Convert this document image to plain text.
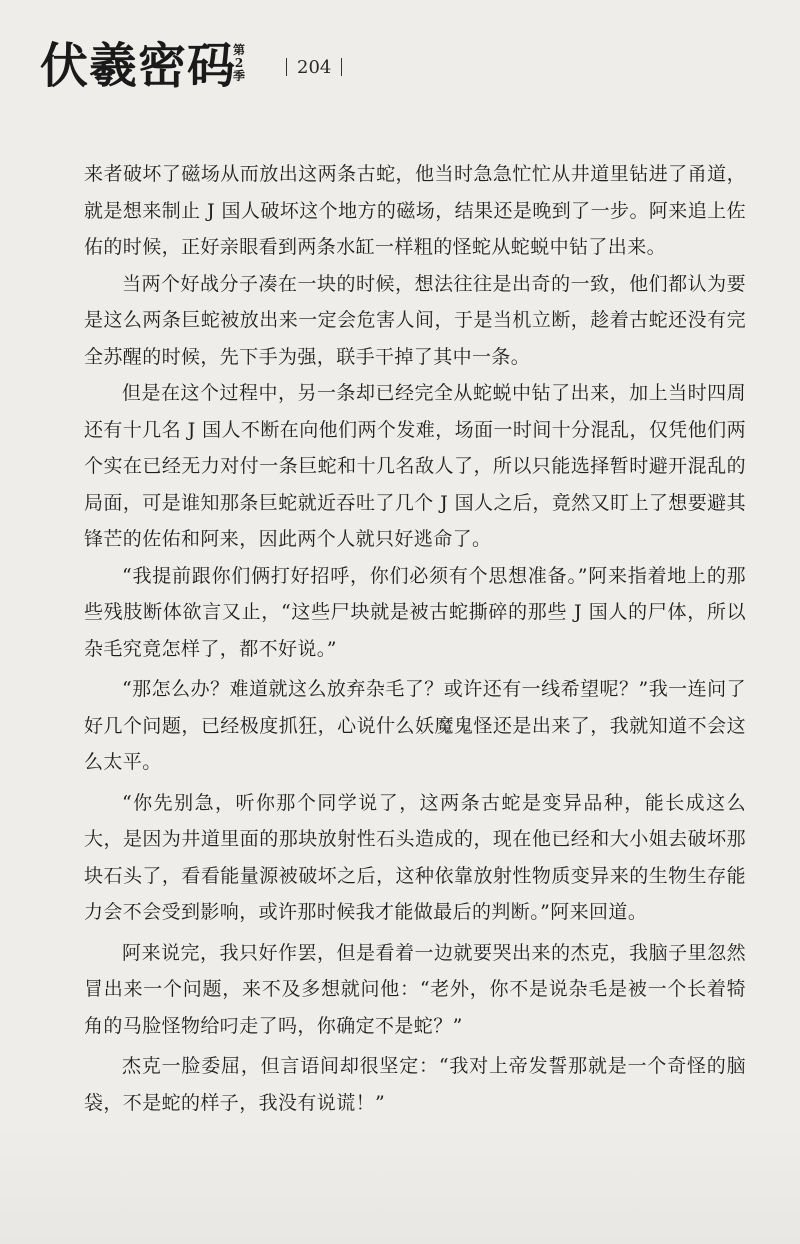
伏羲密码
第2季	204

来者破坏了磁场从而放出这两条古蛇，他当时急急忙忙从井道里钻进了甬道，就是想来制止 J 国人破坏这个地方的磁场，结果还是晚到了一步。阿来追上佐佑的时候，正好亲眼看到两条水缸一样粗的怪蛇从蛇蜕中钻了出来。

当两个好战分子凑在一块的时候，想法往往是出奇的一致，他们都认为要是这么两条巨蛇被放出来一定会危害人间，于是当机立断，趁着古蛇还没有完全苏醒的时候，先下手为强，联手干掉了其中一条。

但是在这个过程中，另一条却已经完全从蛇蜕中钻了出来，加上当时四周还有十几名 J 国人不断在向他们两个发难，场面一时间十分混乱，仅凭他们两个实在已经无力对付一条巨蛇和十几名敌人了，所以只能选择暂时避开混乱的局面，可是谁知那条巨蛇就近吞吐了几个 J 国人之后，竟然又盯上了想要避其锋芒的佐佑和阿来，因此两个人就只好逃命了。

“我提前跟你们俩打好招呼，你们必须有个思想准备。”阿来指着地上的那些残肢断体欲言又止，“这些尸块就是被古蛇撕碎的那些 J 国人的尸体，所以杂毛究竟怎样了，都不好说。”

“那怎么办？难道就这么放弃杂毛了？或许还有一线希望呢？”我一连问了好几个问题，已经极度抓狂，心说什么妖魔鬼怪还是出来了，我就知道不会这么太平。

“你先别急，听你那个同学说了，这两条古蛇是变异品种，能长成这么大，是因为井道里面的那块放射性石头造成的，现在他已经和大小姐去破坏那块石头了，看看能量源被破坏之后，这种依靠放射性物质变异来的生物生存能力会不会受到影响，或许那时候我才能做最后的判断。”阿来回道。

阿来说完，我只好作罢，但是看着一边就要哭出来的杰克，我脑子里忽然冒出来一个问题，来不及多想就问他：“老外，你不是说杂毛是被一个长着犄角的马脸怪物给叼走了吗，你确定不是蛇？”

杰克一脸委屈，但言语间却很坚定：“我对上帝发誓那就是一个奇怪的脑袋，不是蛇的样子，我没有说谎！”
